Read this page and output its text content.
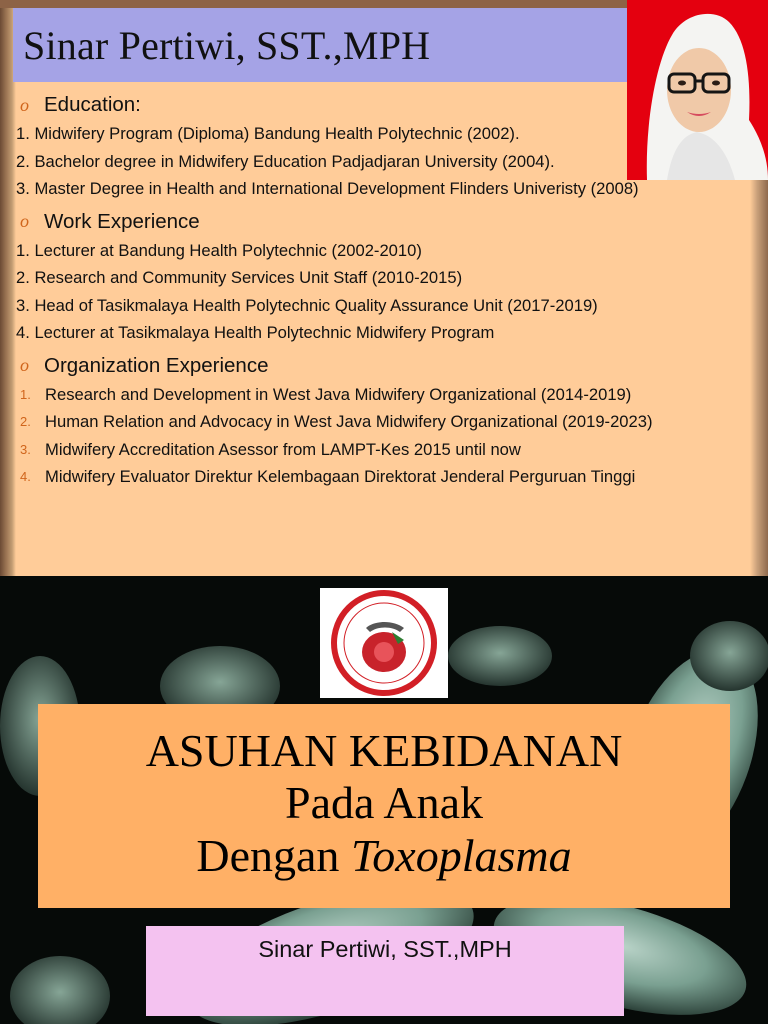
Sinar Pertiwi, SST.,MPH
o Education:
1. Midwifery Program (Diploma) Bandung Health Polytechnic (2002).
2. Bachelor degree in Midwifery Education Padjadjaran University (2004).
3. Master Degree in Health and International Development Flinders Univeristy (2008)
o Work Experience
1. Lecturer at Bandung Health Polytechnic (2002-2010)
2. Research and Community Services Unit Staff (2010-2015)
3. Head of Tasikmalaya Health Polytechnic Quality Assurance Unit (2017-2019)
4. Lecturer at Tasikmalaya Health Polytechnic Midwifery Program
o Organization Experience
1. Research and Development in West Java Midwifery Organizational (2014-2019)
2. Human Relation and Advocacy in West Java Midwifery Organizational (2019-2023)
3. Midwifery Accreditation Asessor from LAMPT-Kes 2015 until now
4. Midwifery Evaluator Direktur Kelembagaan Direktorat Jenderal Perguruan Tinggi
ASUHAN KEBIDANAN
Pada Anak
Dengan Toxoplasma
Sinar Pertiwi, SST.,MPH
